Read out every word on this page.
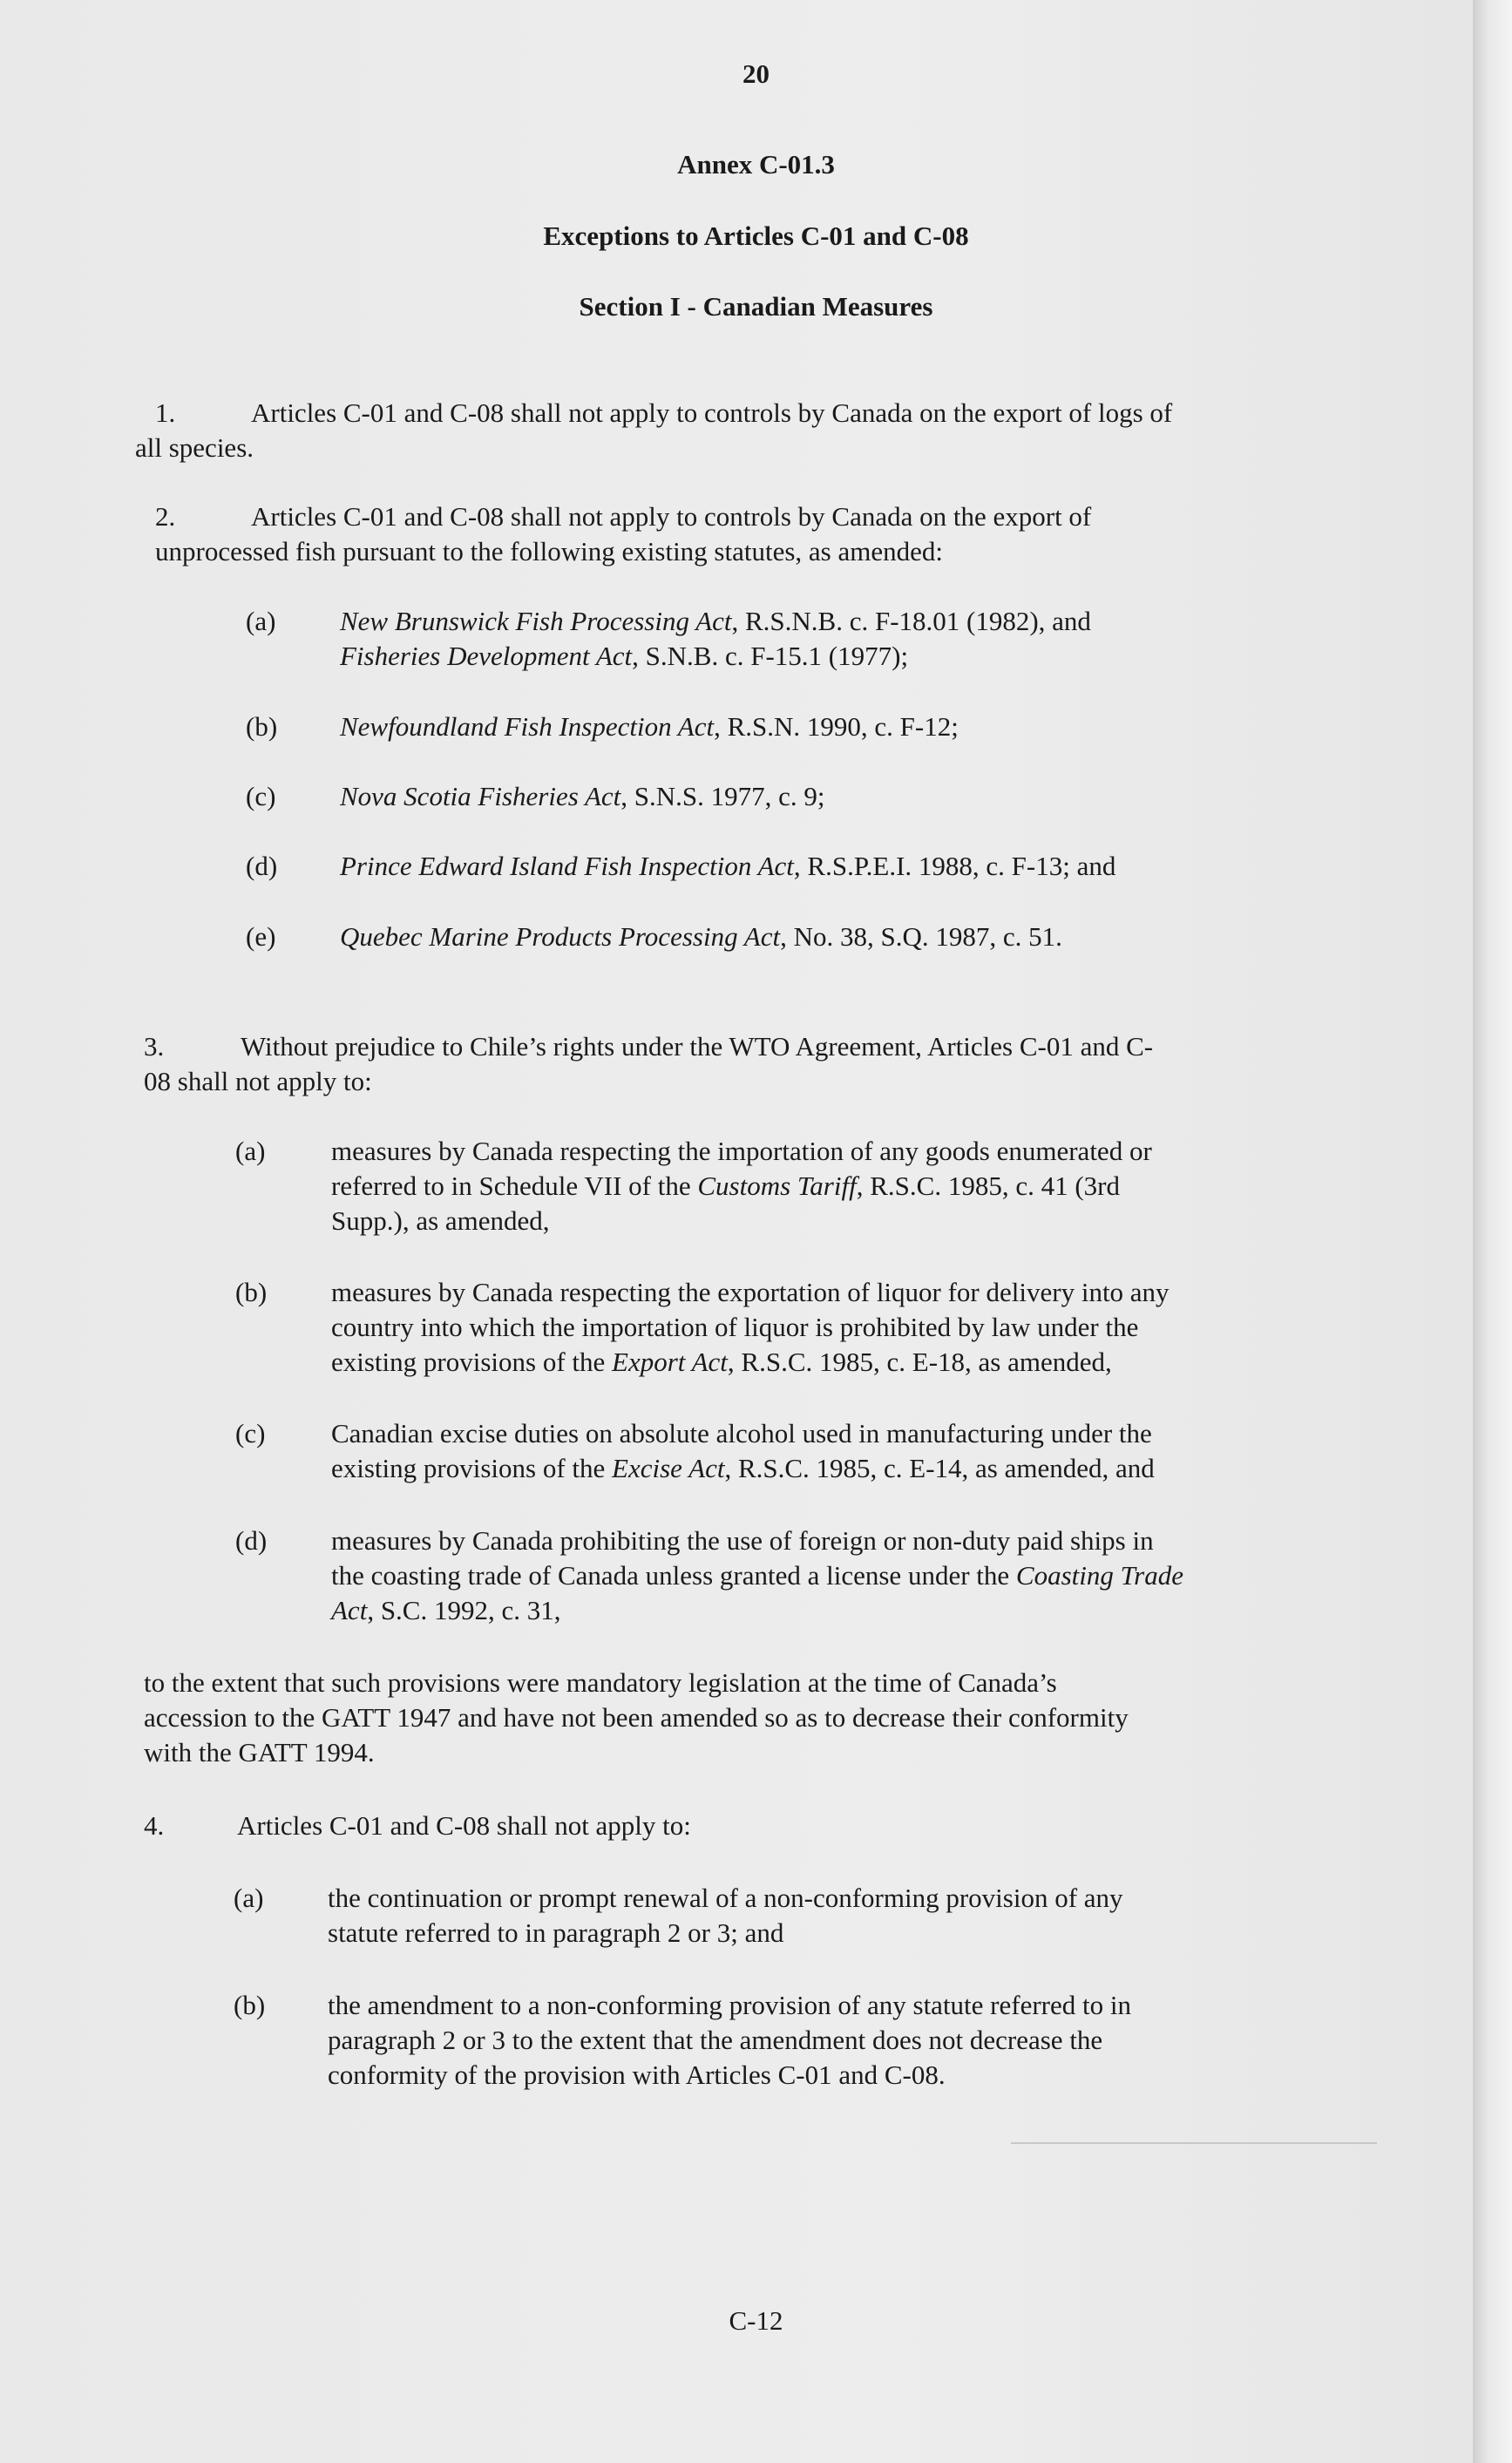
20
Annex C-01.3
Exceptions to Articles C-01 and C-08
Section I - Canadian Measures
1.	Articles C-01 and C-08 shall not apply to controls by Canada on the export of logs of
all species.
2.	Articles C-01 and C-08 shall not apply to controls by Canada on the export of
unprocessed fish pursuant to the following existing statutes, as amended:
(a) New Brunswick Fish Processing Act, R.S.N.B. c. F-18.01 (1982), and
Fisheries Development Act, S.N.B. c. F-15.1 (1977);
(b) Newfoundland Fish Inspection Act, R.S.N. 1990, c. F-12;
(c) Nova Scotia Fisheries Act, S.N.S. 1977, c. 9;
(d) Prince Edward Island Fish Inspection Act, R.S.P.E.I. 1988, c. F-13; and
(e) Quebec Marine Products Processing Act, No. 38, S.Q. 1987, c. 51.
3.	Without prejudice to Chile’s rights under the WTO Agreement, Articles C-01 and C-
08 shall not apply to:
(a) measures by Canada respecting the importation of any goods enumerated or
referred to in Schedule VII of the Customs Tariff, R.S.C. 1985, c. 41 (3rd
Supp.), as amended,
(b) measures by Canada respecting the exportation of liquor for delivery into any
country into which the importation of liquor is prohibited by law under the
existing provisions of the Export Act, R.S.C. 1985, c. E-18, as amended,
(c) Canadian excise duties on absolute alcohol used in manufacturing under the
existing provisions of the Excise Act, R.S.C. 1985, c. E-14, as amended, and
(d) measures by Canada prohibiting the use of foreign or non-duty paid ships in
the coasting trade of Canada unless granted a license under the Coasting Trade
Act, S.C. 1992, c. 31,
to the extent that such provisions were mandatory legislation at the time of Canada’s
accession to the GATT 1947 and have not been amended so as to decrease their conformity
with the GATT 1994.
4.	Articles C-01 and C-08 shall not apply to:
(a) the continuation or prompt renewal of a non-conforming provision of any
statute referred to in paragraph 2 or 3; and
(b) the amendment to a non-conforming provision of any statute referred to in
paragraph 2 or 3 to the extent that the amendment does not decrease the
conformity of the provision with Articles C-01 and C-08.
C-12
